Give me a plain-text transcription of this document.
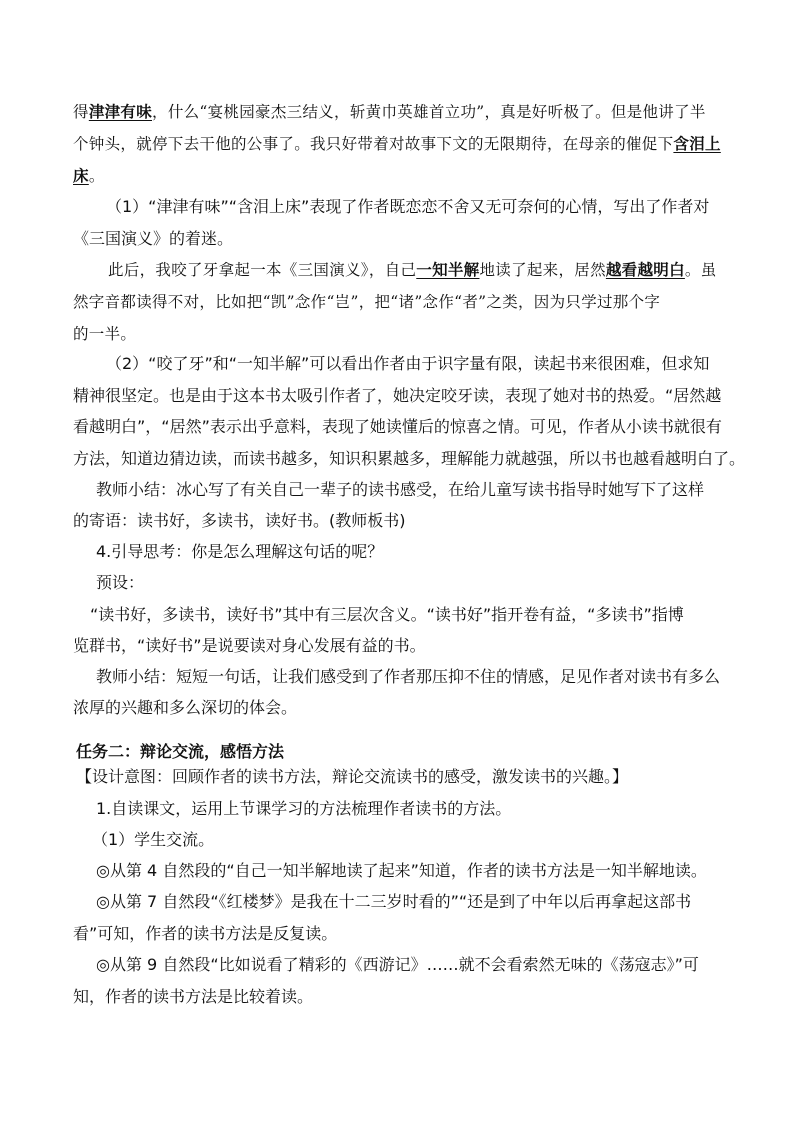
得津津有味，什么“宴桃园豪杰三结义，斩黄巾英雄首立功”，真是好听极了。但是他讲了半
个钟头，就停下去干他的公事了。我只好带着对故事下文的无限期待，在母亲的催促下含泪上
床。
（1）“津津有味”“含泪上床”表现了作者既恋恋不舍又无可奈何的心情，写出了作者对
《三国演义》的着迷。
此后，我咬了牙拿起一本《三国演义》，自己一知半解地读了起来，居然越看越明白。虽
然字音都读得不对，比如把“凯”念作“岂”，把“诸”念作“者”之类，因为只学过那个字
的一半。
（2）“咬了牙”和“一知半解”可以看出作者由于识字量有限，读起书来很困难，但求知
精神很坚定。也是由于这本书太吸引作者了，她决定咬牙读，表现了她对书的热爱。“居然越
看越明白”，“居然”表示出乎意料，表现了她读懂后的惊喜之情。可见，作者从小读书就很有
方法，知道边猜边读，而读书越多，知识积累越多，理解能力就越强，所以书也越看越明白了。
教师小结：冰心写了有关自己一辈子的读书感受，在给儿童写读书指导时她写下了这样
的寄语：读书好，多读书，读好书。(教师板书)
4.引导思考：你是怎么理解这句话的呢？
预设：
“读书好，多读书，读好书”其中有三层次含义。“读书好”指开卷有益，“多读书”指博
览群书，“读好书”是说要读对身心发展有益的书。
教师小结：短短一句话，让我们感受到了作者那压抑不住的情感，足见作者对读书有多么
浓厚的兴趣和多么深切的体会。
任务二：辩论交流，感悟方法
【设计意图：回顾作者的读书方法，辩论交流读书的感受，激发读书的兴趣。】
1.自读课文，运用上节课学习的方法梳理作者读书的方法。
（1）学生交流。
◎从第 4 自然段的“自己一知半解地读了起来”知道，作者的读书方法是一知半解地读。
◎从第 7 自然段“《红楼梦》是我在十二三岁时看的”“还是到了中年以后再拿起这部书
看”可知，作者的读书方法是反复读。
◎从第 9 自然段“比如说看了精彩的《西游记》……就不会看索然无味的《荡寇志》”可
知，作者的读书方法是比较着读。
